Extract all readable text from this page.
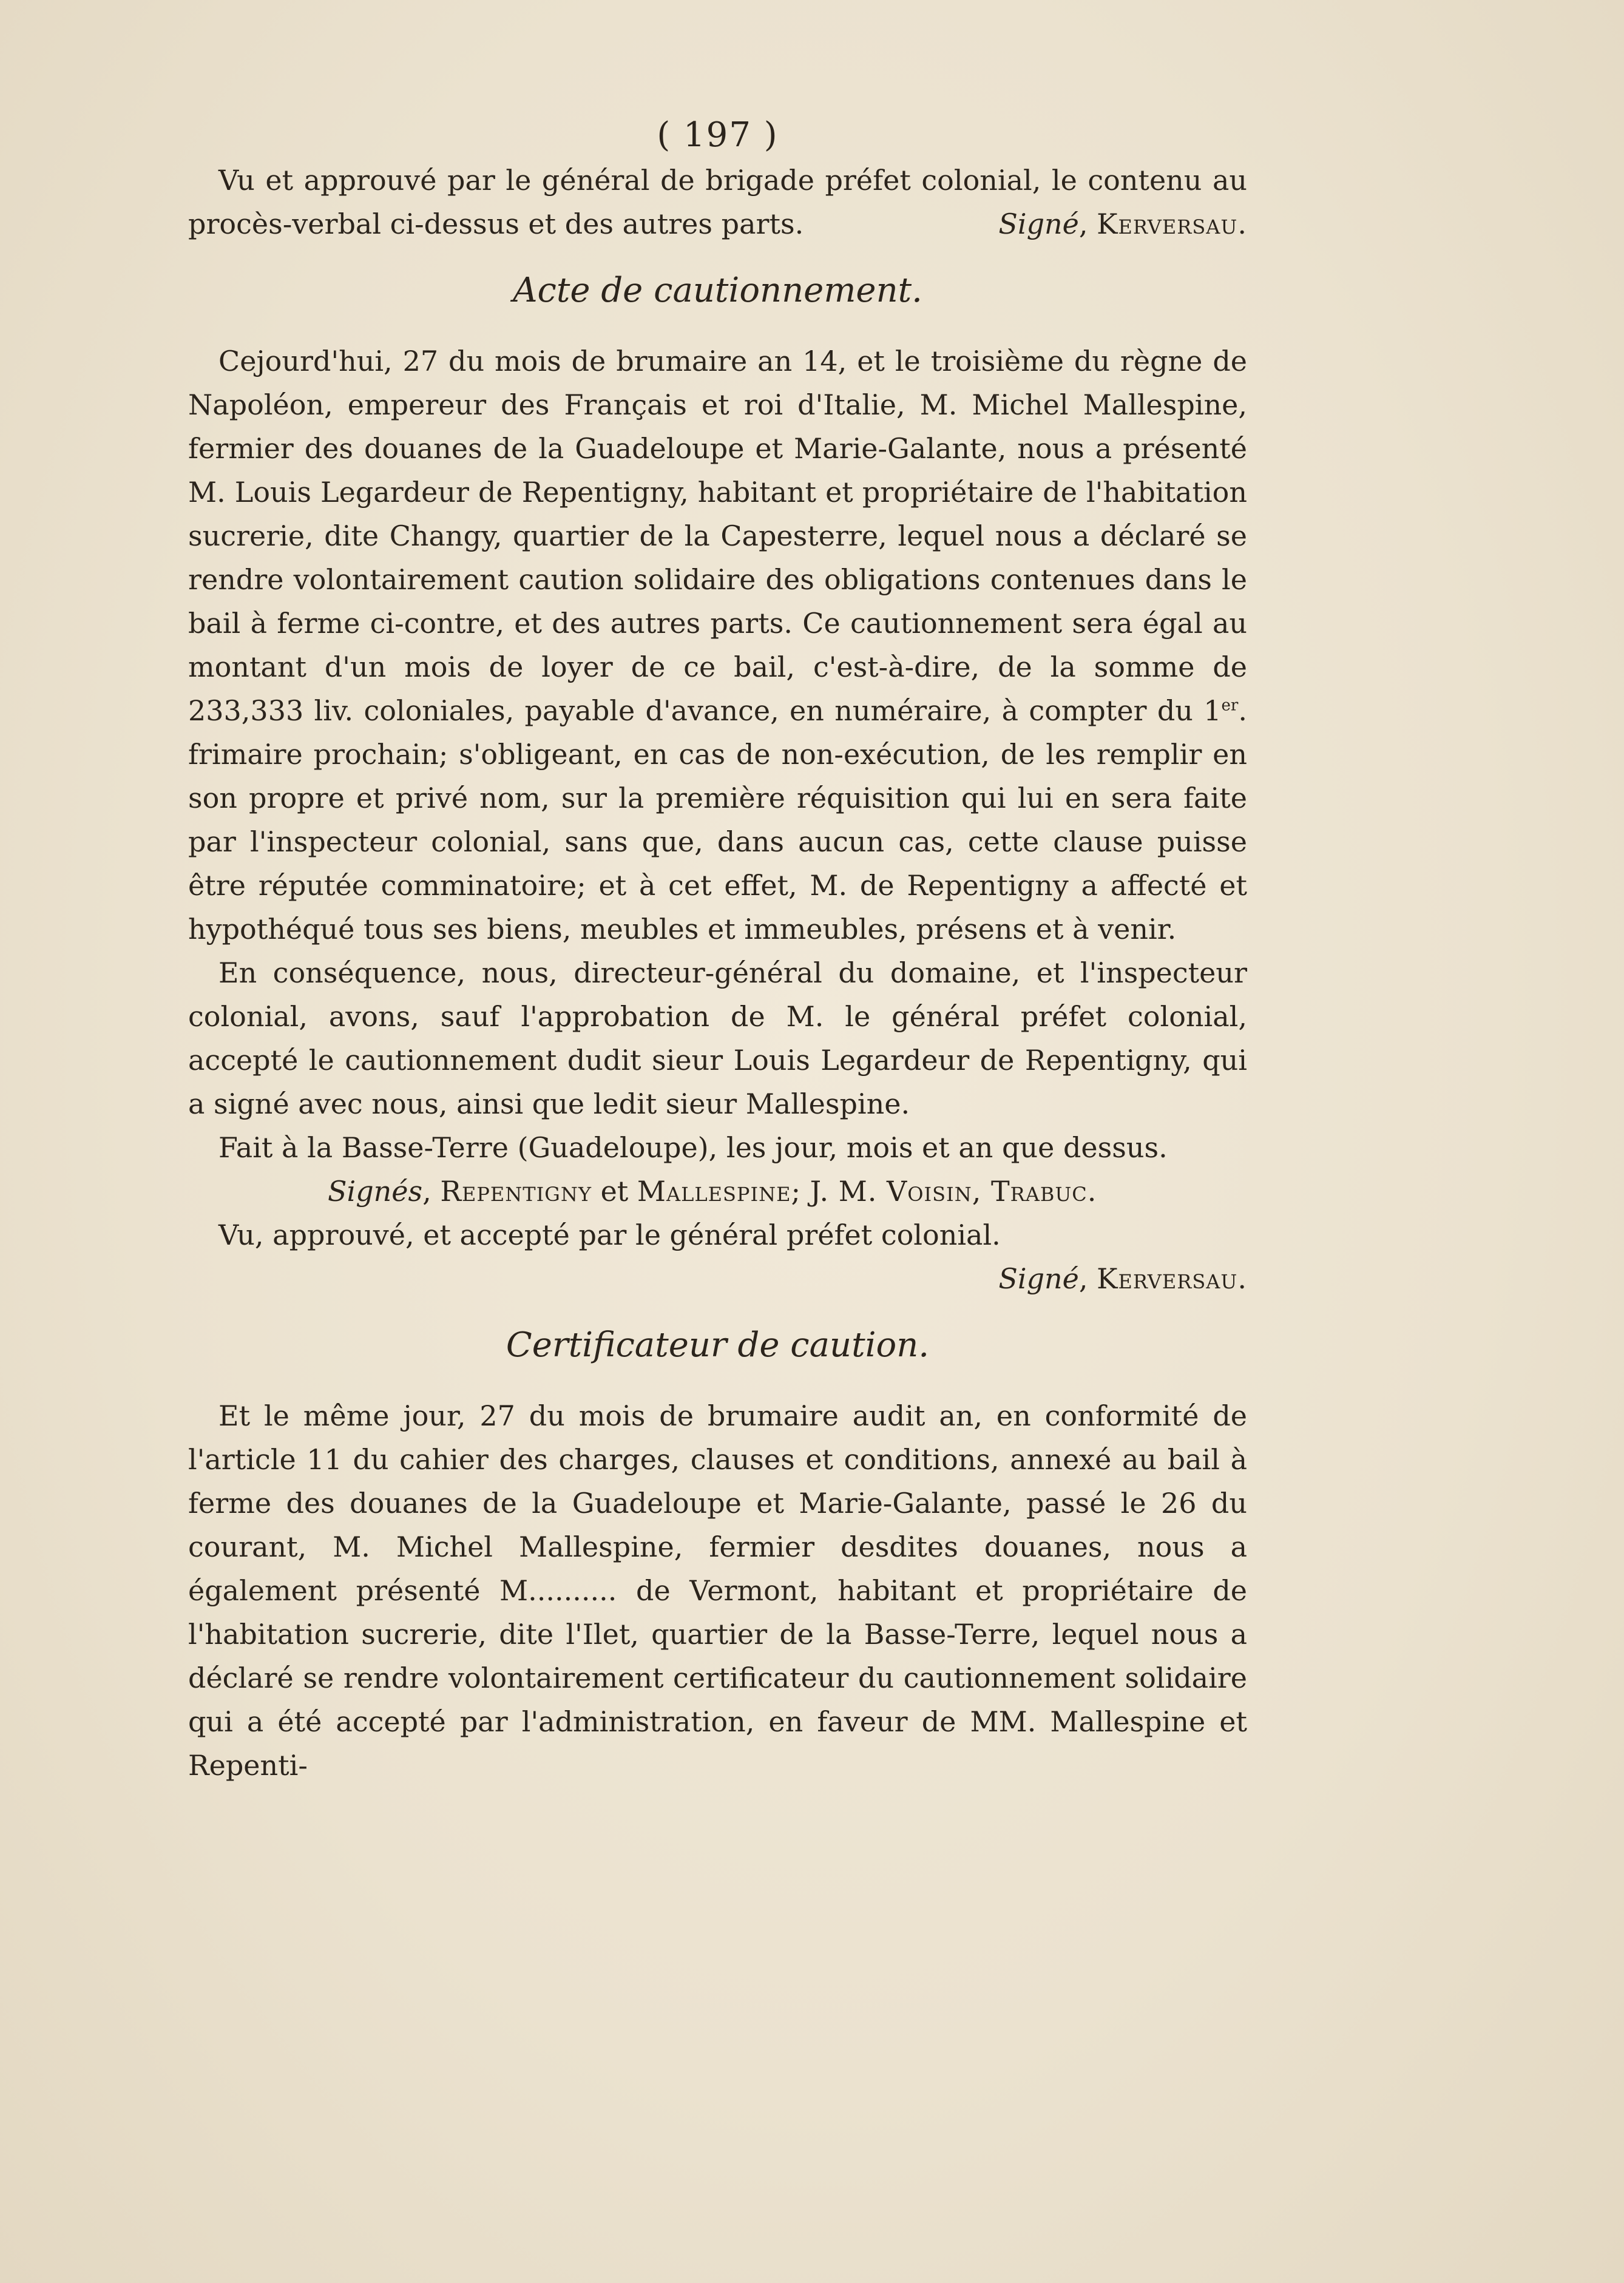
( 197 )

Vu et approuvé par le général de brigade préfet colonial, le contenu au procès-verbal ci-dessus et des autres parts.	Signé, Kerversau.

Acte de cautionnement.

Cejourd'hui, 27 du mois de brumaire an 14, et le troisième du règne de Napoléon, empereur des Français et roi d'Italie, M. Michel Mallespine, fermier des douanes de la Guadeloupe et Marie-Galante, nous a présenté M. Louis Legardeur de Repentigny, habitant et propriétaire de l'habitation sucrerie, dite Changy, quartier de la Capesterre, lequel nous a déclaré se rendre volontairement caution solidaire des obligations contenues dans le bail à ferme ci-contre, et des autres parts. Ce cautionnement sera égal au montant d'un mois de loyer de ce bail, c'est-à-dire, de la somme de 233,333 liv. coloniales, payable d'avance, en numéraire, à compter du 1er. frimaire prochain; s'obligeant, en cas de non-exécution, de les remplir en son propre et privé nom, sur la première réquisition qui lui en sera faite par l'inspecteur colonial, sans que, dans aucun cas, cette clause puisse être réputée comminatoire; et à cet effet, M. de Repentigny a affecté et hypothéqué tous ses biens, meubles et immeubles, présens et à venir.

En conséquence, nous, directeur-général du domaine, et l'inspecteur colonial, avons, sauf l'approbation de M. le général préfet colonial, accepté le cautionnement dudit sieur Louis Legardeur de Repentigny, qui a signé avec nous, ainsi que ledit sieur Mallespine.

Fait à la Basse-Terre (Guadeloupe), les jour, mois et an que dessus.

Signés, Repentigny et Mallespine; J. M. Voisin, Trabuc.

Vu, approuvé, et accepté par le général préfet colonial.

Signé, Kerversau.

Certificateur de caution.

Et le même jour, 27 du mois de brumaire audit an, en conformité de l'article 11 du cahier des charges, clauses et conditions, annexé au bail à ferme des douanes de la Guadeloupe et Marie-Galante, passé le 26 du courant, M. Michel Mallespine, fermier desdites douanes, nous a également présenté M.......... de Vermont, habitant et propriétaire de l'habitation sucrerie, dite l'Ilet, quartier de la Basse-Terre, lequel nous a déclaré se rendre volontairement certificateur du cautionnement solidaire qui a été accepté par l'administration, en faveur de MM. Mallespine et Repenti-
